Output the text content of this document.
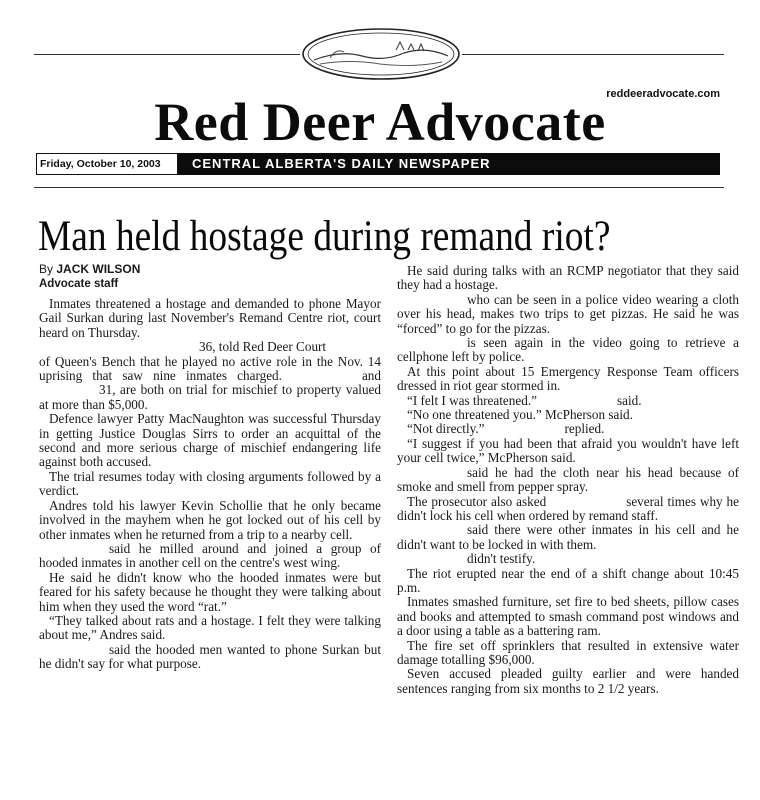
reddeeradvocate.com
Red Deer Advocate
Friday, October 10, 2003	CENTRAL ALBERTA'S DAILY NEWSPAPER
Man held hostage during remand riot?
By JACK WILSON
Advocate staff

Inmates threatened a hostage and demanded to phone Mayor Gail Surkan during last November's Remand Centre riot, court heard on Thursday.

36, told Red Deer Court

of Queen's Bench that he played no active role in the Nov. 14 uprising that saw nine inmates charged.	and31, are both on trial for mischief to property valued at more than $5,000.

Defence lawyer Patty MacNaughton was successful Thursday in getting Justice Douglas Sirrs to order an acquittal of the second and more serious charge of mischief endangering life against both accused.

The trial resumes today with closing arguments followed by a verdict.

Andres told his lawyer Kevin Schollie that he only became involved in the mayhem when he got locked out of his cell by other inmates when he returned from a trip to a nearby cell.

said he milled around and joined a group of hooded inmates in another cell on the centre's west wing.

He said he didn't know who the hooded inmates were but feared for his safety because he thought they were talking about him when they used the word “rat.”

“They talked about rats and a hostage. I felt they were talking about me,” Andres said.

said the hooded men wanted to phone Surkan but he didn't say for what purpose.

He said during talks with an RCMP negotiator that they said they had a hostage.

who can be seen in a police video wearing a cloth over his head, makes two trips to get pizzas. He said he was “forced” to go for the pizzas.

is seen again in the video going to retrieve a cellphone left by police.

At this point about 15 Emergency Response Team officers dressed in riot gear stormed in.

“I felt I was threatened.”	said.

“No one threatened you.” McPherson said.

“Not directly.”	replied.

“I suggest if you had been that afraid you wouldn't have left your cell twice,” McPherson said.

said he had the cloth near his head because of smoke and smell from pepper spray.

The prosecutor also asked	several times why he didn't lock his cell when ordered by remand staff.

said there were other inmates in his cell and he didn't want to be locked in with them.

didn't testify.

The riot erupted near the end of a shift change about 10:45 p.m.

Inmates smashed furniture, set fire to bed sheets, pillow cases and books and attempted to smash command post windows and a door using a table as a battering ram.

The fire set off sprinklers that resulted in extensive water damage totalling $96,000.

Seven accused pleaded guilty earlier and were handed sentences ranging from six months to 2 1/2 years.
